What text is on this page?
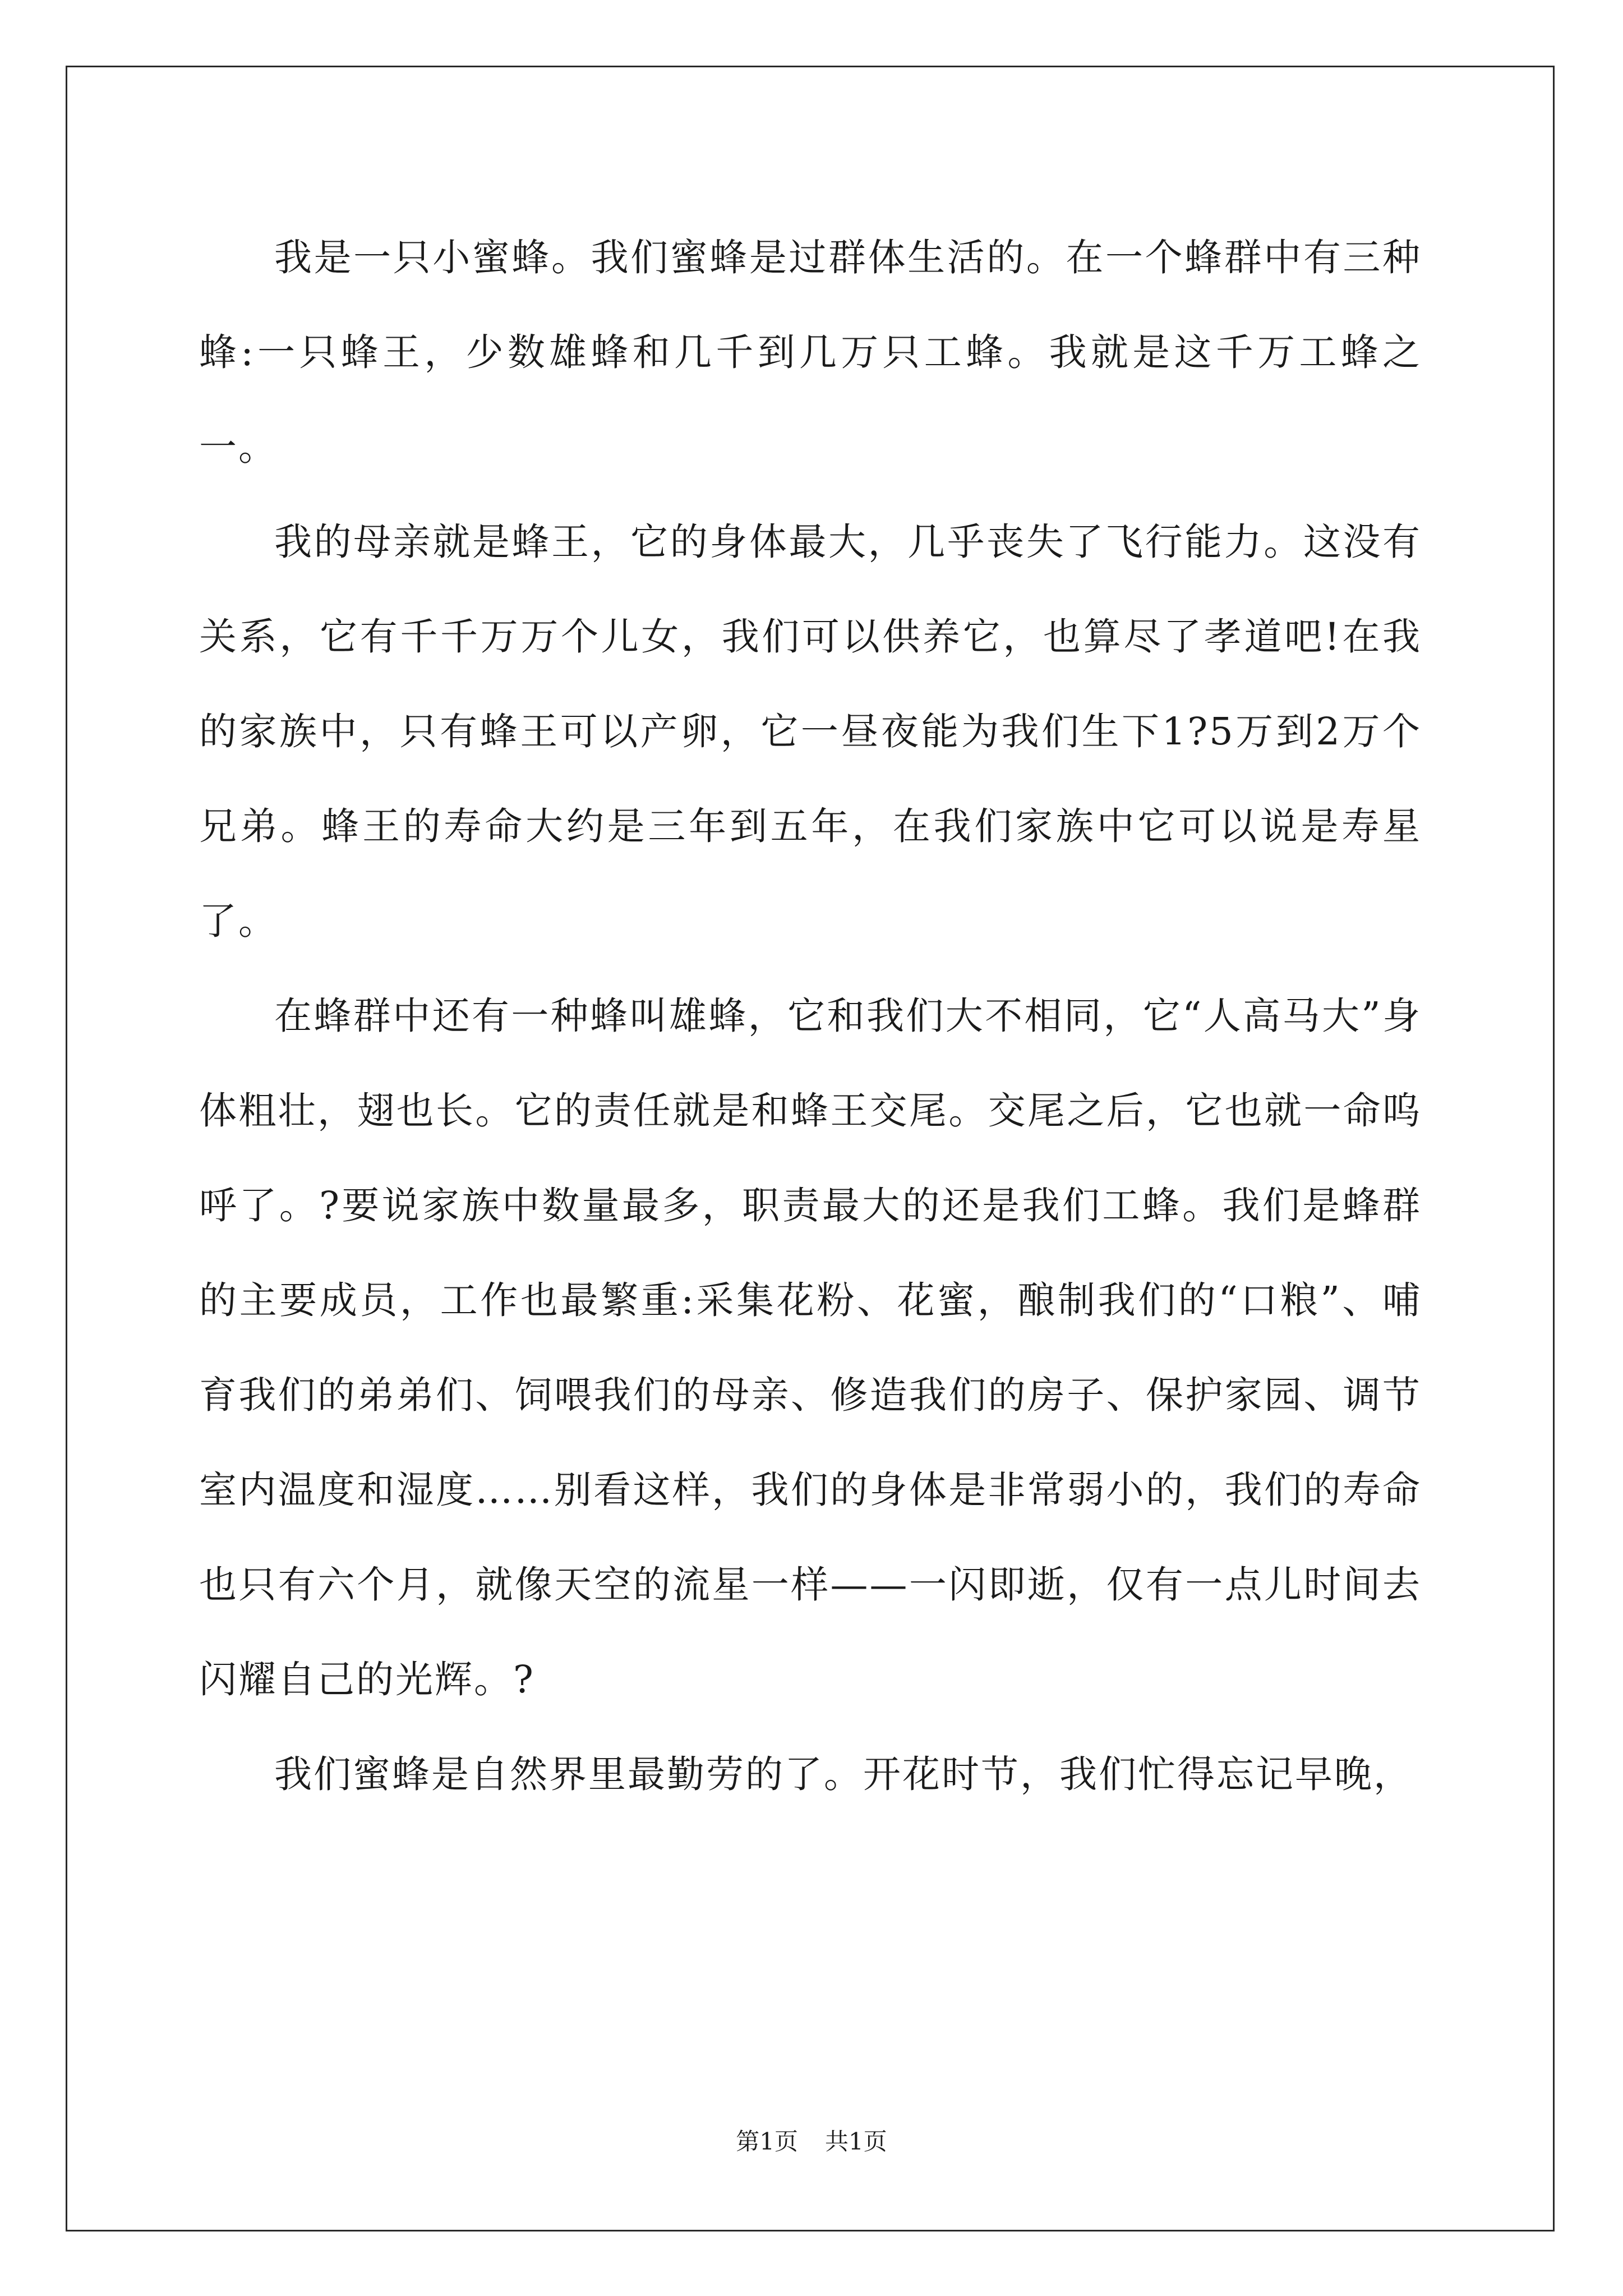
我是一只小蜜蜂。我们蜜蜂是过群体生活的。在一个蜂群中有三种蜂:一只蜂王，少数雄蜂和几千到几万只工蜂。我就是这千万工蜂之一。

我的母亲就是蜂王，它的身体最大，几乎丧失了飞行能力。这没有关系，它有千千万万个儿女，我们可以供养它，也算尽了孝道吧!在我的家族中，只有蜂王可以产卵，它一昼夜能为我们生下1?5万到2万个兄弟。蜂王的寿命大约是三年到五年，在我们家族中它可以说是寿星了。

在蜂群中还有一种蜂叫雄蜂，它和我们大不相同，它“人高马大”身体粗壮，翅也长。它的责任就是和蜂王交尾。交尾之后，它也就一命呜呼了。?要说家族中数量最多，职责最大的还是我们工蜂。我们是蜂群的主要成员，工作也最繁重:采集花粉、花蜜，酿制我们的“口粮”、哺育我们的弟弟们、饲喂我们的母亲、修造我们的房子、保护家园、调节室内温度和湿度……别看这样，我们的身体是非常弱小的，我们的寿命也只有六个月，就像天空的流星一样——一闪即逝，仅有一点儿时间去闪耀自己的光辉。?

我们蜜蜂是自然界里最勤劳的了。开花时节，我们忙得忘记早晚，

第1页 共1页
